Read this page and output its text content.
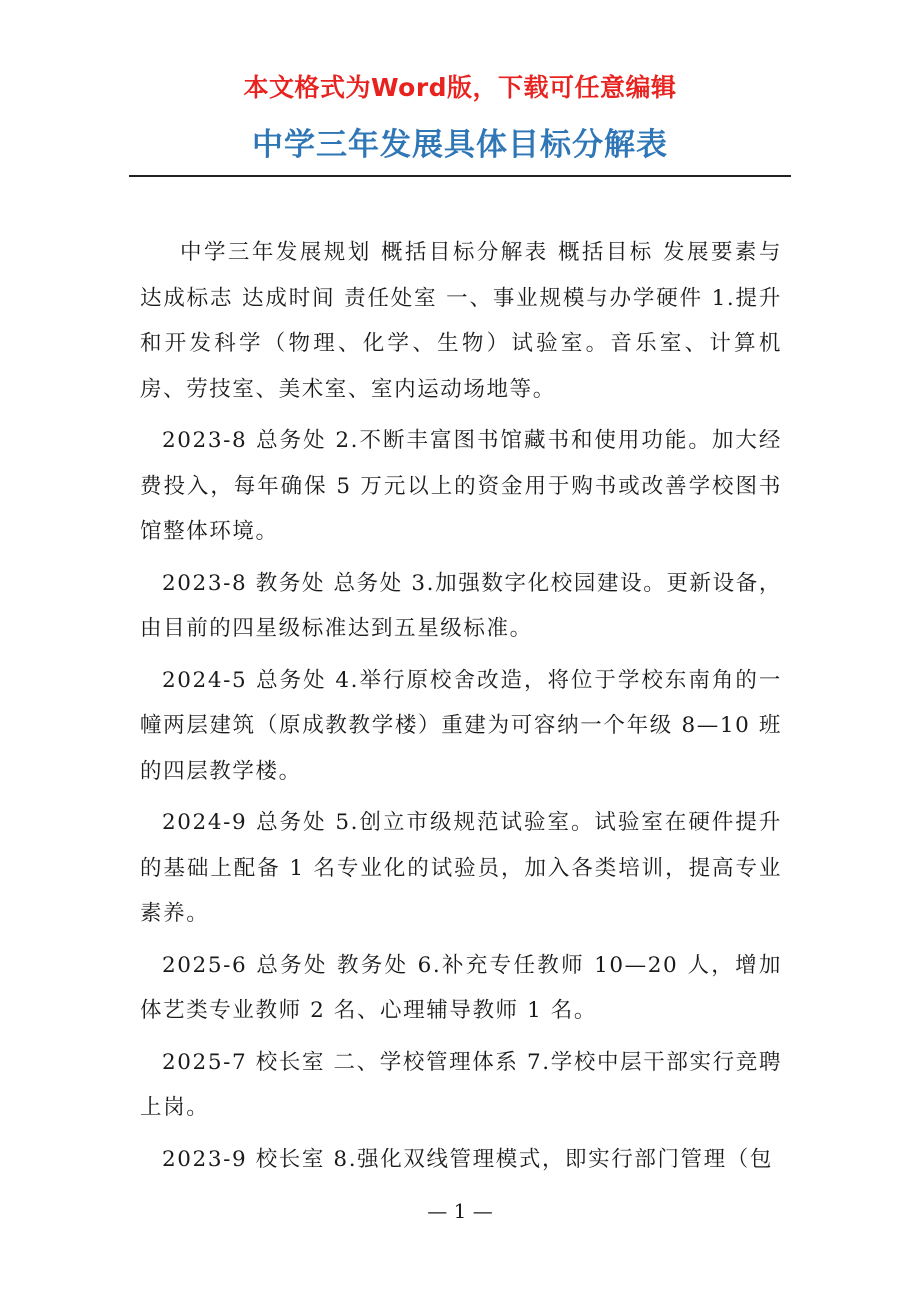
本文格式为Word版，下载可任意编辑
中学三年发展具体目标分解表

中学三年发展规划 概括目标分解表 概括目标 发展要素与达成标志 达成时间 责任处室 一、事业规模与办学硬件 1.提升和开发科学（物理、化学、生物）试验室。音乐室、计算机房、劳技室、美术室、室内运动场地等。

2023-8 总务处 2.不断丰富图书馆藏书和使用功能。加大经费投入，每年确保 5 万元以上的资金用于购书或改善学校图书馆整体环境。

2023-8 教务处 总务处 3.加强数字化校园建设。更新设备，由目前的四星级标准达到五星级标准。

2024-5 总务处 4.举行原校舍改造，将位于学校东南角的一幢两层建筑（原成教教学楼）重建为可容纳一个年级 8—10 班的四层教学楼。

2024-9 总务处 5.创立市级规范试验室。试验室在硬件提升的基础上配备 1 名专业化的试验员，加入各类培训，提高专业素养。

2025-6 总务处 教务处 6.补充专任教师 10—20 人，增加体艺类专业教师 2 名、心理辅导教师 1 名。

2025-7 校长室 二、学校管理体系 7.学校中层干部实行竞聘上岗。

2023-9 校长室 8.强化双线管理模式，即实行部门管理（包

— 1 —
